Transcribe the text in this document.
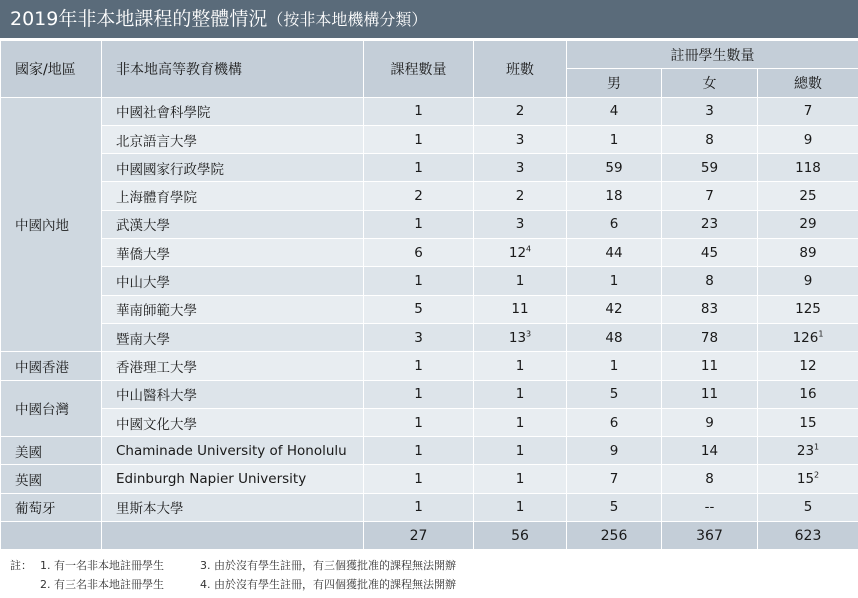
2019年非本地課程的整體情況（按非本地機構分類）
國家/地區	非本地高等教育機構	課程數量	班數	註冊學生數量		
				男	女	總數
中國內地	中國社會科學院	1	2	4	3	7
	北京語言大學	1	3	1	8	9
	中國國家行政學院	1	3	59	59	118
	上海體育學院	2	2	18	7	25
	武漢大學	1	3	6	23	29
	華僑大學	6	$12^4$	44	45	89
	中山大學	1	1	1	8	9
	華南師範大學	5	11	42	83	125
	暨南大學	3	$13^3$	48	78	$126^1$
中國香港	香港理工大學	1	1	1	11	12
中國台灣	中山醫科大學	1	1	5	11	16
	中國文化大學	1	1	6	9	15
美國	Chaminade University of Honolulu	1	1	9	14	$23^1$
英國	Edinburgh Napier University	1	1	7	8	$15^2$
葡萄牙	里斯本大學	1	1	5	--	5
		27	56	256	367	623
註： 1. 有一名非本地註冊學生	3. 由於沒有學生註冊，有三個獲批准的課程無法開辦
2. 有三名非本地註冊學生	4. 由於沒有學生註冊，有四個獲批准的課程無法開辦
